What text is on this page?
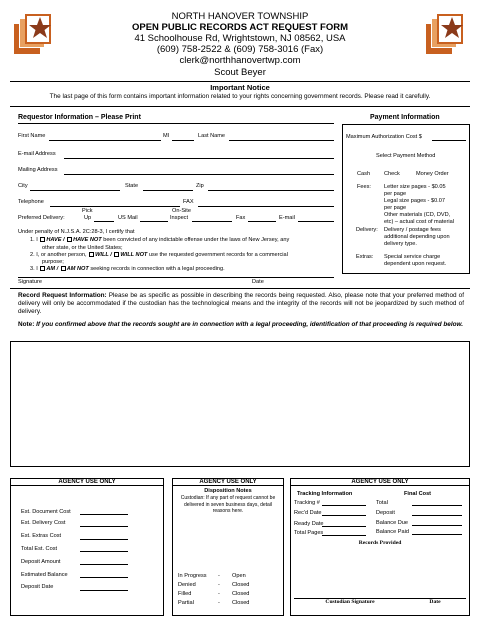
NORTH HANOVER TOWNSHIP
OPEN PUBLIC RECORDS ACT REQUEST FORM
41 Schoolhouse Rd, Wrightstown, NJ 08562, USA
(609) 758-2522 & (609) 758-3016 (Fax)
clerk@northhanovertwp.com
Scout Beyer
Important Notice
The last page of this form contains important information related to your rights concerning government records. Please read it carefully.
Requestor Information – Please Print
First Name	MI	Last Name
E-mail Address
Mailing Address
City	State	Zip
Telephone	FAX
Pick	On-Site
Preferred Delivery:	Up	US Mail	Inspect	Fax	E-mail
Under penalty of N.J.S.A. 2C:28-3, I certify that
1. I HAVE / HAVE NOT been convicted of any indictable offense under the laws of New Jersey, any
other state, or the United States;
2. I, or another person, WILL / WILL NOT use the requested government records for a commercial
purpose;
3. I AM / AM NOT seeking records in connection with a legal proceeding.
Signature	Date
Payment Information
Maximum Authorization Cost $
Select Payment Method
Cash Check	Money Order
Fees: Letter size pages - $0.05
per page
Legal size pages - $0.07
per page
Other materials (CD, DVD,
etc) – actual cost of material
Delivery: Delivery / postage fees
additional depending upon
delivery type.
Extras: Special service charge
dependent upon request.
Record Request Information: Please be as specific as possible in describing the records being requested. Also, please note that your preferred method of delivery will only be accommodated if the custodian has the technological means and the integrity of the records will not be jeopardized by such method of delivery.
Note: If you confirmed above that the records sought are in connection with a legal proceeding, identification of that proceeding is required below.
AGENCY USE ONLY
Est. Document Cost
Est. Delivery Cost
Est. Extras Cost
Total Est. Cost
Deposit Amount
Estimated Balance
Deposit Date
AGENCY USE ONLY
Disposition Notes
Custodian: If any part of request cannot be delivered in seven business days, detail reasons here.
In Progress - Open
Denied	- Closed
Filled	- Closed
Partial	- Closed
AGENCY USE ONLY
Tracking Information	Final Cost
Tracking #
Rec'd Date
Ready Date
Total Pages
Total
Deposit
Balance Due
Balance Paid
Records Provided
Custodian Signature	Date
